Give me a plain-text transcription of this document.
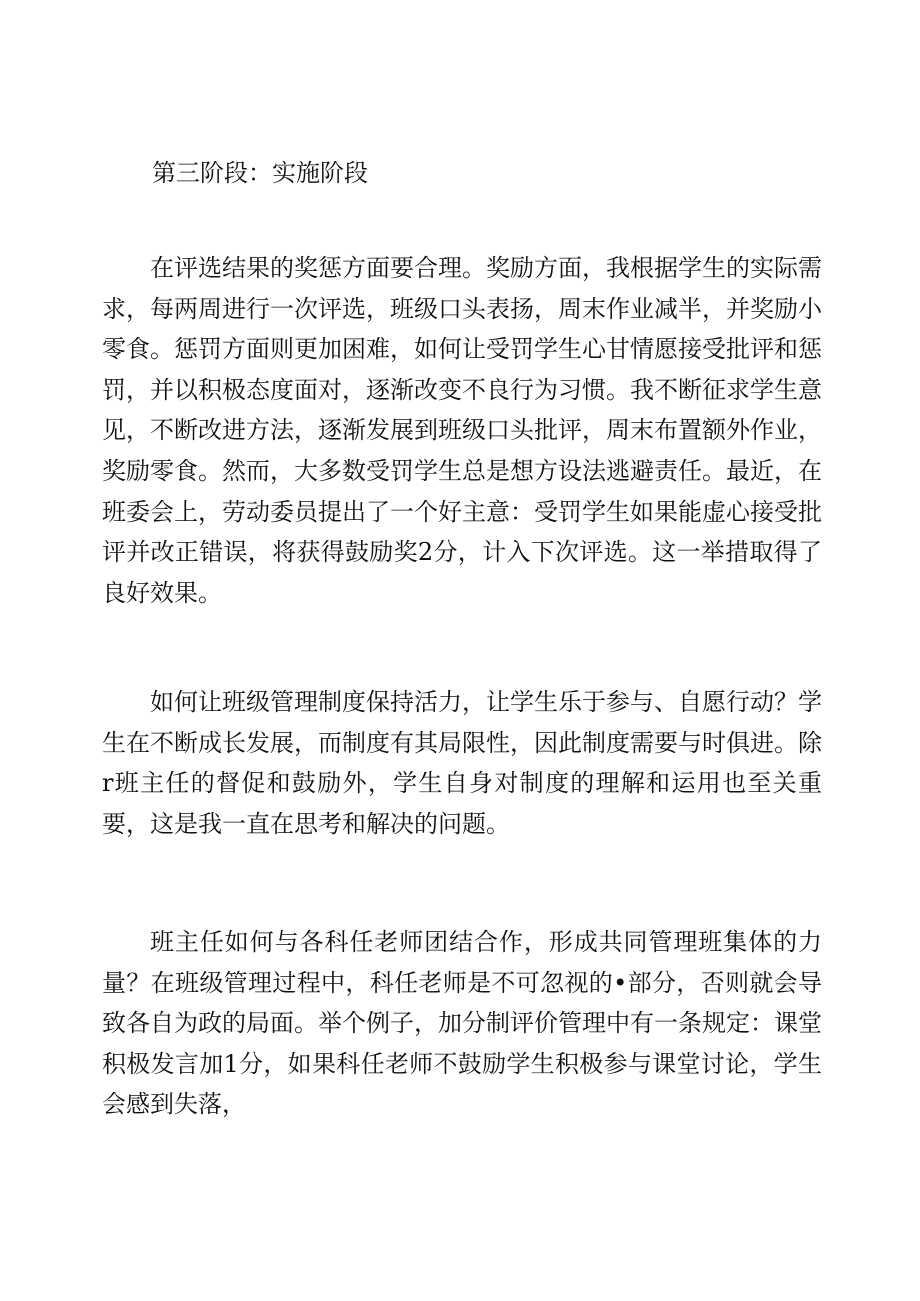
第三阶段：实施阶段

在评选结果的奖惩方面要合理。奖励方面，我根据学生的实际需求，每两周进行一次评选，班级口头表扬，周末作业减半，并奖励小零食。惩罚方面则更加困难，如何让受罚学生心甘情愿接受批评和惩罚，并以积极态度面对，逐渐改变不良行为习惯。我不断征求学生意见，不断改进方法，逐渐发展到班级口头批评，周末布置额外作业，奖励零食。然而，大多数受罚学生总是想方设法逃避责任。最近，在班委会上，劳动委员提出了一个好主意：受罚学生如果能虚心接受批评并改正错误，将获得鼓励奖2分，计入下次评选。这一举措取得了良好效果。

如何让班级管理制度保持活力，让学生乐于参与、自愿行动？学生在不断成长发展，而制度有其局限性，因此制度需要与时俱进。除r班主任的督促和鼓励外，学生自身对制度的理解和运用也至关重要，这是我一直在思考和解决的问题。

班主任如何与各科任老师团结合作，形成共同管理班集体的力量？在班级管理过程中，科任老师是不可忽视的•部分，否则就会导致各自为政的局面。举个例子，加分制评价管理中有一条规定：课堂积极发言加1分，如果科任老师不鼓励学生积极参与课堂讨论，学生会感到失落，
